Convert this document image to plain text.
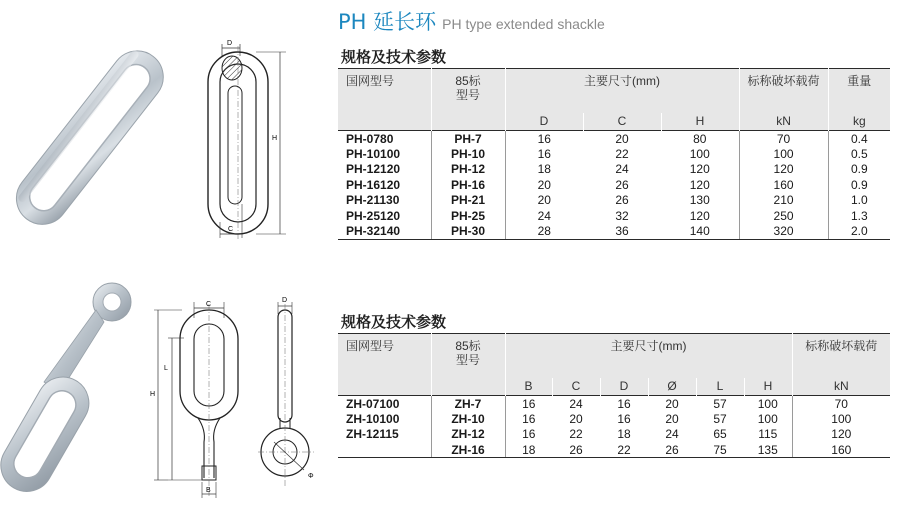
PH 延长环 PH type extended shackle
D
H
C
规格及技术参数
国网型号	85标
型号	主要尺寸(mm)			标称破坏载荷	重量
		D	C	H	kN	kg
PH-0780	PH-7	16	20	80	70	0.4
PH-10100	PH-10	16	22	100	100	0.5
PH-12120	PH-12	18	24	120	120	0.9
PH-16120	PH-16	20	26	120	160	0.9
PH-21130	PH-21	20	26	130	210	1.0
PH-25120	PH-25	24	32	120	250	1.3
PH-32140	PH-30	28	36	140	320	2.0
C
L
H
B
D
Φ
规格及技术参数
国网型号	85标
型号	主要尺寸(mm)						标称破坏载荷
		B	C	D	Ø	L	H	kN
ZH-07100	ZH-7	16	24	16	20	57	100	70
ZH-10100	ZH-10	16	20	16	20	57	100	100
ZH-12115	ZH-12	16	22	18	24	65	115	120
	ZH-16	18	26	22	26	75	135	160
